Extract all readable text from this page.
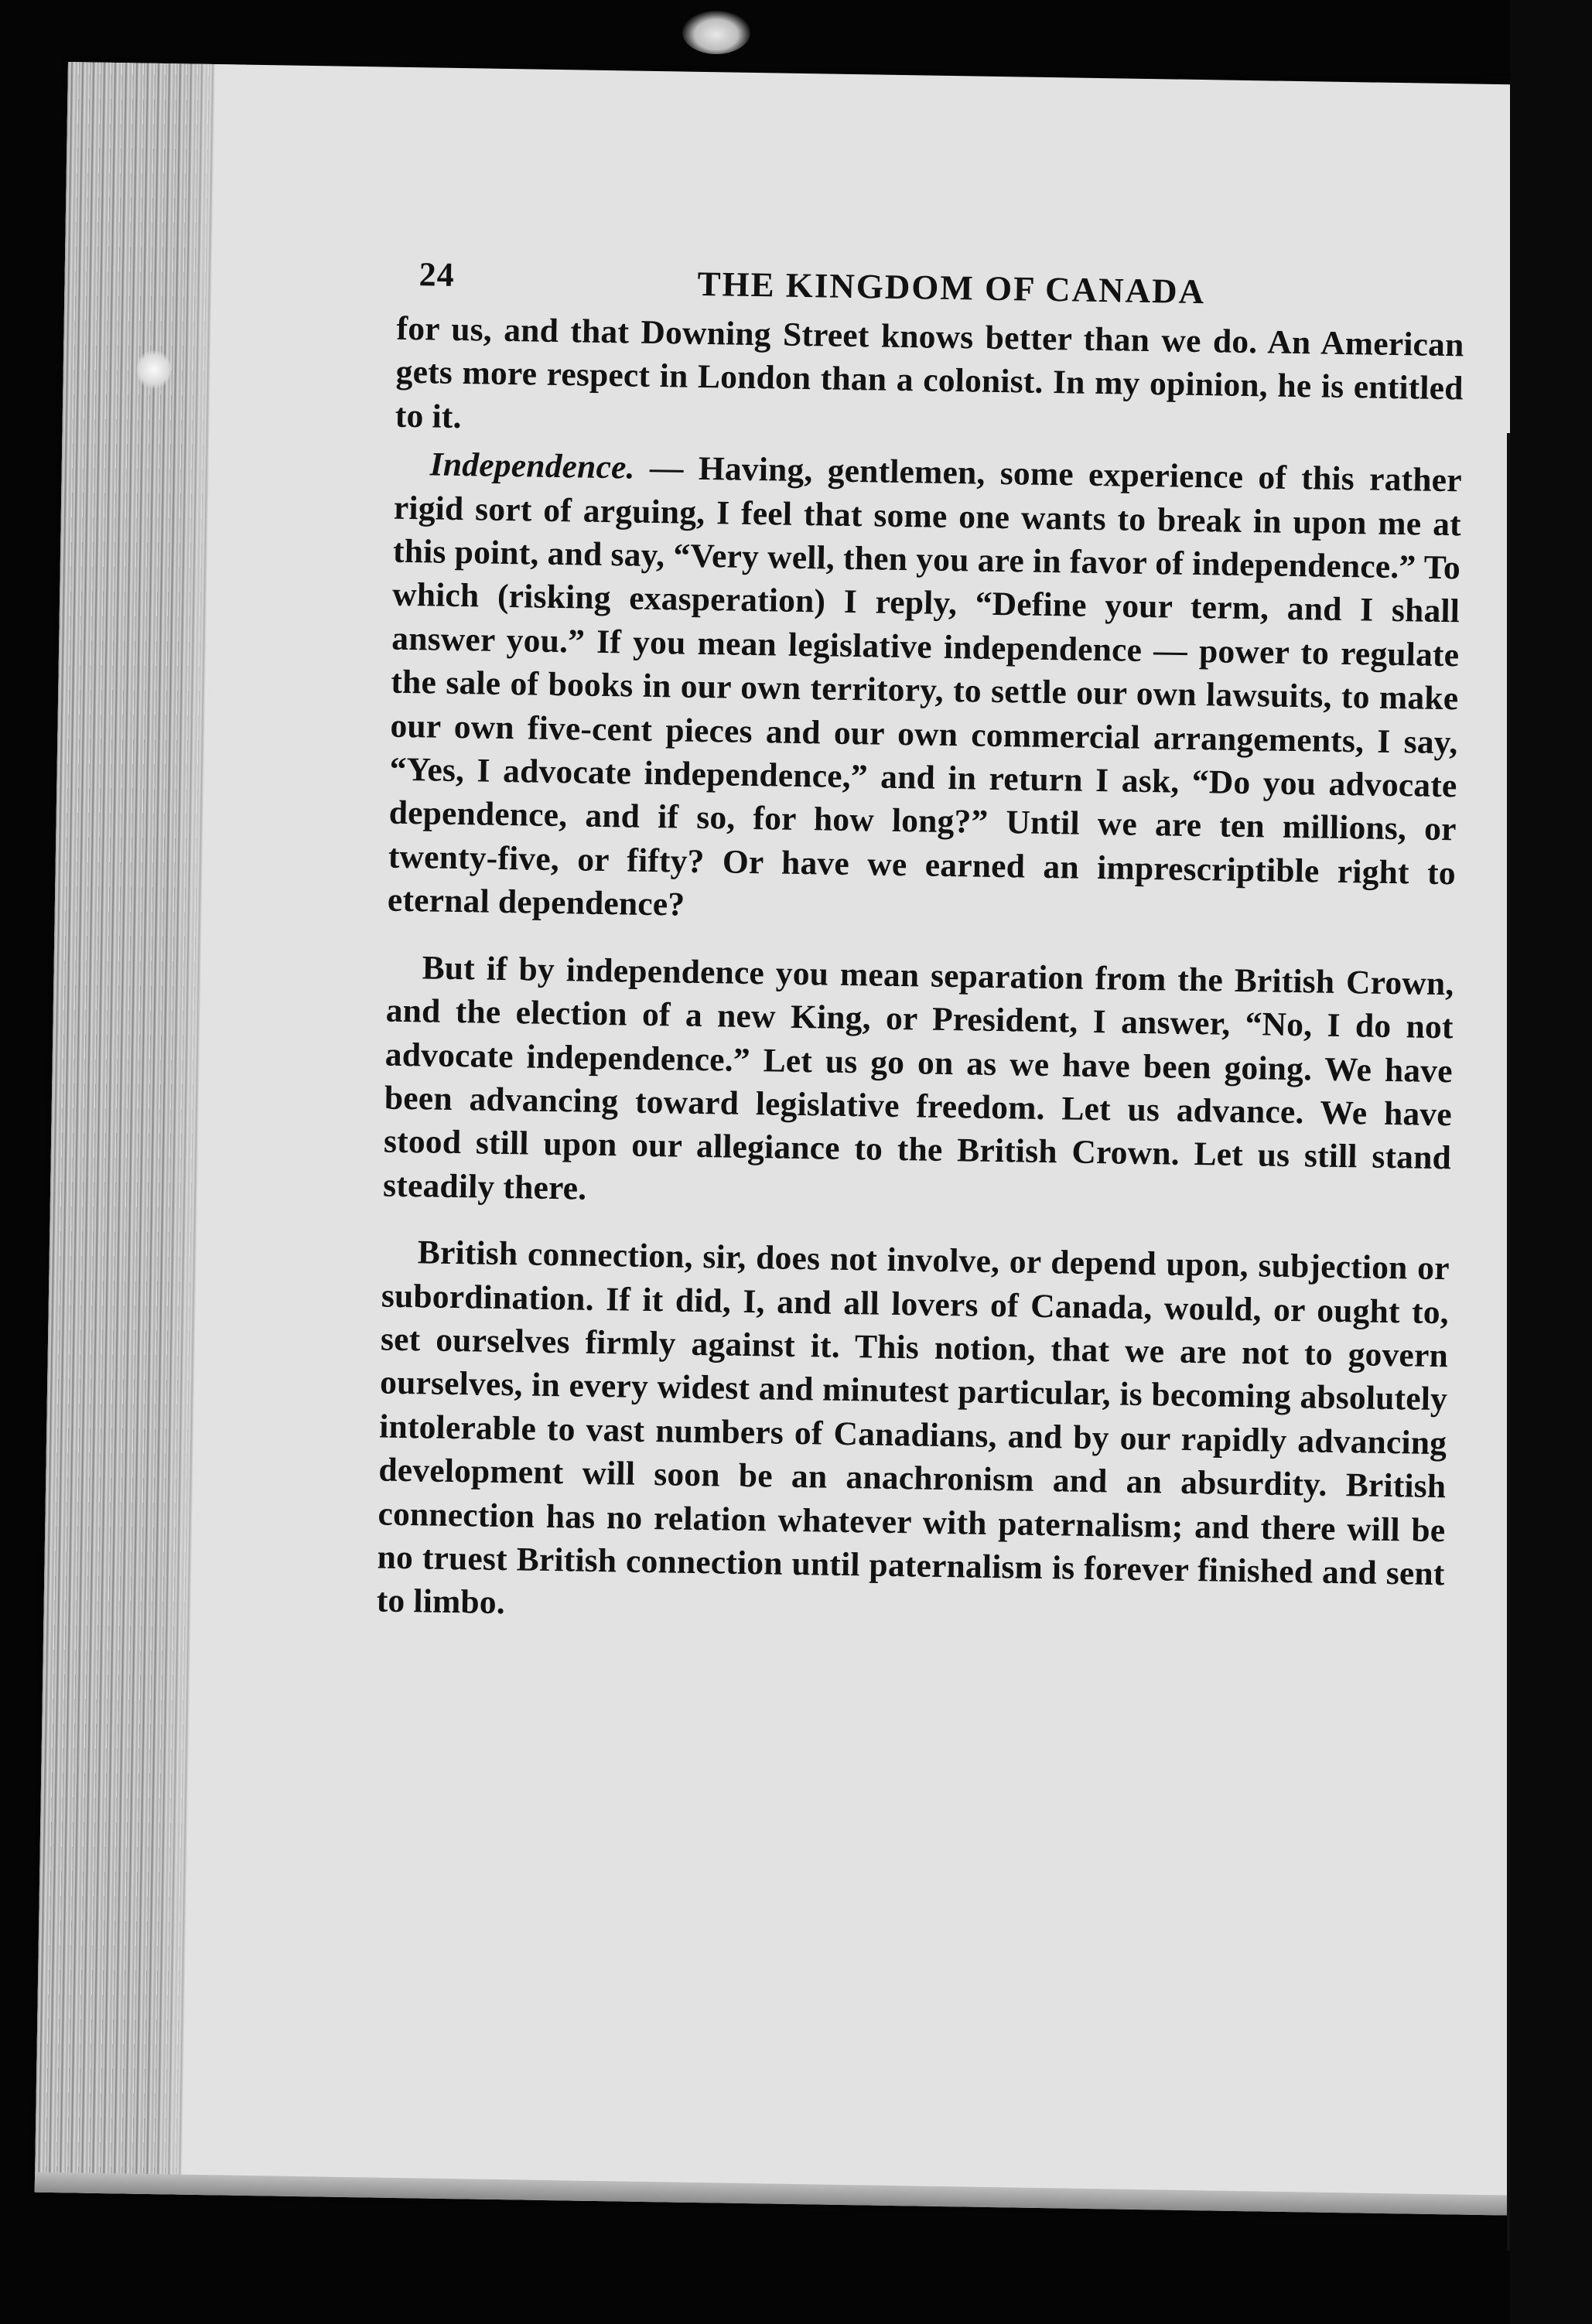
24	THE KINGDOM OF CANADA

for us, and that Downing Street knows better than we do. An American gets more respect in London than a colonist. In my opinion, he is entitled to it.

Independence. — Having, gentlemen, some experience of this rather rigid sort of arguing, I feel that some one wants to break in upon me at this point, and say, “Very well, then you are in favor of independence.” To which (risking exasperation) I reply, “Define your term, and I shall answer you.” If you mean legislative independence — power to regulate the sale of books in our own territory, to settle our own lawsuits, to make our own five-cent pieces and our own commercial arrangements, I say, “Yes, I advocate independence,” and in return I ask, “Do you advocate dependence, and if so, for how long?” Until we are ten millions, or twenty-five, or fifty? Or have we earned an imprescriptible right to eternal dependence?

But if by independence you mean separation from the British Crown, and the election of a new King, or President, I answer, “No, I do not advocate independence.” Let us go on as we have been going. We have been advancing toward legislative freedom. Let us advance. We have stood still upon our allegiance to the British Crown. Let us still stand steadily there.

British connection, sir, does not involve, or depend upon, subjection or subordination. If it did, I, and all lovers of Canada, would, or ought to, set ourselves firmly against it. This notion, that we are not to govern ourselves, in every widest and minutest particular, is becoming absolutely intolerable to vast numbers of Canadians, and by our rapidly advancing development will soon be an anachronism and an absurdity. British connection has no relation whatever with paternalism; and there will be no truest British connection until paternalism is forever finished and sent to limbo.
